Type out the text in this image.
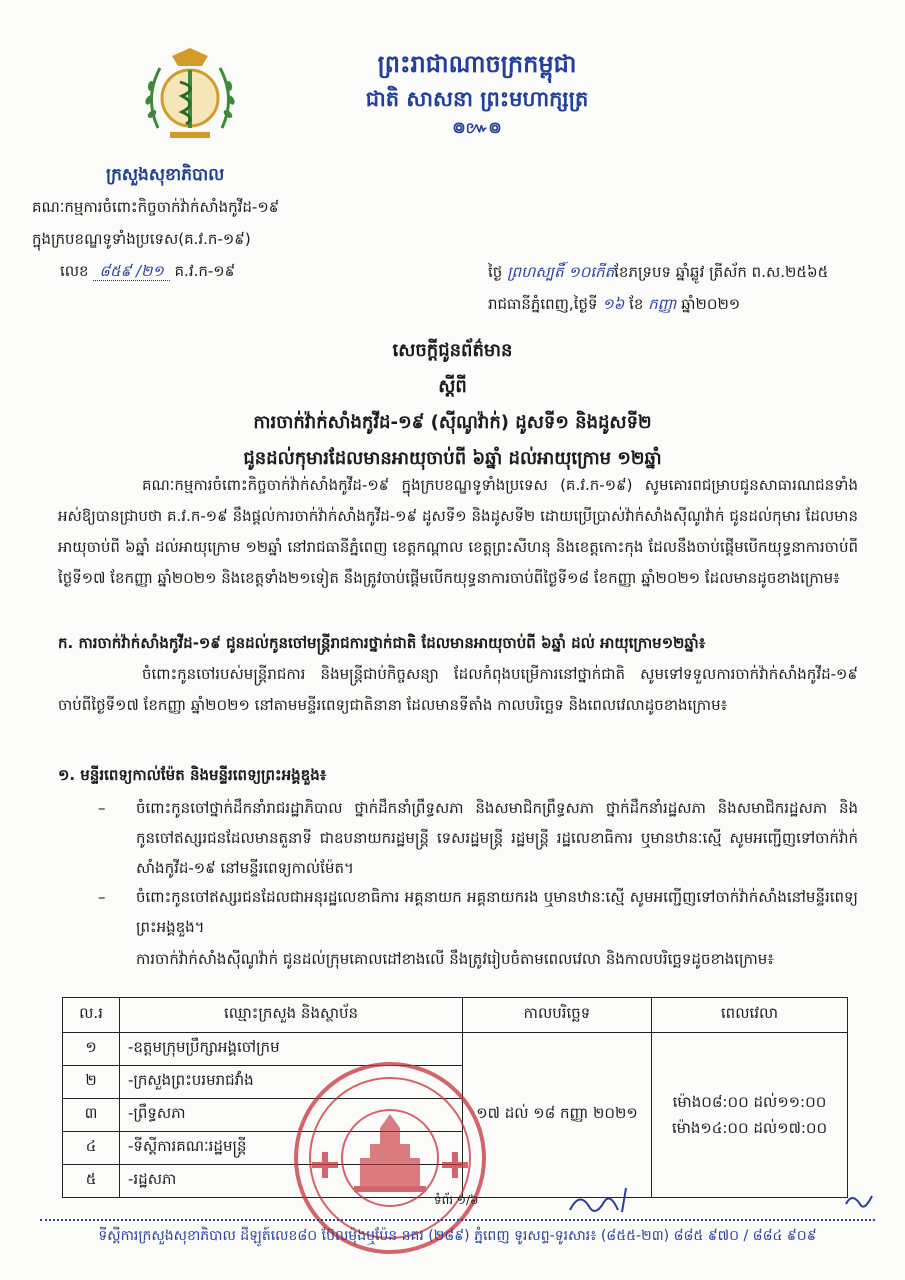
ក្រសួងសុខាភិបាល
គណៈកម្មការចំពោះកិច្ចចាក់វ៉ាក់សាំងកូវីដ-១៩
ក្នុងក្របខណ្ឌទូទាំងប្រទេស(គ.វ.ក-១៩)
លេខ ៨៥៩ /២១ គ.វ.ក-១៩
ព្រះរាជាណាចក្រកម្ពុជា
ជាតិ សាសនា ព្រះមហាក្សត្រ
៙៚៙
ថ្ងៃ ព្រហស្បតិ៍ ១០កើតខែភទ្របទ ឆ្នាំឆ្លូវ ត្រីស័ក ព.ស.២៥៦៥
រាជធានីភ្នំពេញ,ថ្ងៃទី ១៦ ខែ កញ្ញា ឆ្នាំ២០២១
សេចក្តីជូនព័ត៌មាន
ស្តីពី
ការចាក់វ៉ាក់សាំងកូវីដ-១៩ (ស៊ីណូវ៉ាក់) ដូសទី១ និងដូសទី២
ជូនដល់កុមារដែលមានអាយុចាប់ពី ៦ឆ្នាំ ដល់អាយុក្រោម ១២ឆ្នាំ
គណៈកម្មការចំពោះកិច្ចចាក់វ៉ាក់សាំងកូវីដ-១៩ ក្នុងក្របខណ្ឌទូទាំងប្រទេស (គ.វ.ក-១៩) សូមគោរពជម្រាបជូនសាធារណជនទាំងអស់ឱ្យបានជ្រាបថា គ.វ.ក-១៩ នឹងផ្តល់ការចាក់វ៉ាក់សាំងកូវីដ-១៩ ដូសទី១ និងដូសទី២ ដោយប្រើប្រាស់វ៉ាក់សាំងស៊ីណូវ៉ាក់ ជូនដល់កុមារ ដែលមានអាយុចាប់ពី ៦ឆ្នាំ ដល់អាយុក្រោម ១២ឆ្នាំ នៅរាជធានីភ្នំពេញ ខេត្តកណ្ដាល ខេត្តព្រះសីហនុ និងខេត្តកោះកុង ដែលនឹងចាប់ផ្តើមបើកយុទ្ធនាការចាប់ពីថ្ងៃទី១៧ ខែកញ្ញា ឆ្នាំ២០២១ និងខេត្តទាំង២១ទៀត នឹងត្រូវចាប់ផ្តើមបើកយុទ្ធនាការចាប់ពីថ្ងៃទី១៨ ខែកញ្ញា ឆ្នាំ២០២១ ដែលមានដូចខាងក្រោម៖
ក. ការចាក់វ៉ាក់សាំងកូវីដ-១៩ ជូនដល់កូនចៅមន្ត្រីរាជការថ្នាក់ជាតិ ដែលមានអាយុចាប់ពី ៦ឆ្នាំ ដល់ អាយុក្រោម១២ឆ្នាំ៖
ចំពោះកូនចៅរបស់មន្ត្រីរាជការ និងមន្ត្រីជាប់កិច្ចសន្យា ដែលកំពុងបម្រើការនៅថ្នាក់ជាតិ សូមទៅទទួលការចាក់វ៉ាក់សាំងកូវីដ-១៩ ចាប់ពីថ្ងៃទី១៧ ខែកញ្ញា ឆ្នាំ២០២១ នៅតាមមន្ទីរពេទ្យជាតិនានា ដែលមានទីតាំង កាលបរិច្ឆេទ និងពេលវេលាដូចខាងក្រោម៖
១. មន្ទីរពេទ្យកាល់ម៉ែត និងមន្ទីរពេទ្យព្រះអង្គឌួង៖
– ចំពោះកូនចៅថ្នាក់ដឹកនាំរាជរដ្ឋាភិបាល ថ្នាក់ដឹកនាំព្រឹទ្ធសភា និងសមាជិកព្រឹទ្ធសភា ថ្នាក់ដឹកនាំរដ្ឋសភា និងសមាជិករដ្ឋសភា និងកូនចៅឥស្សរជនដែលមានតួនាទី ជាឧបនាយករដ្ឋមន្ត្រី ទេសរដ្ឋមន្ត្រី រដ្ឋមន្ត្រី រដ្ឋលេខាធិការ ឬមានឋានៈស្មើ សូមអញ្ជើញទៅចាក់វ៉ាក់សាំងកូវីដ-១៩ នៅមន្ទីរពេទ្យកាល់ម៉ែត។
– ចំពោះកូនចៅឥស្សរជនដែលជាអនុរដ្ឋលេខាធិការ អគ្គនាយក អគ្គនាយករង ឬមានឋានៈស្មើ សូមអញ្ជើញទៅចាក់វ៉ាក់សាំងនៅមន្ទីរពេទ្យព្រះអង្គឌួង។
ការចាក់វ៉ាក់សាំងស៊ីណូវ៉ាក់ ជូនដល់ក្រុមគោលដៅខាងលើ នឹងត្រូវរៀបចំតាមពេលវេលា និងកាលបរិច្ឆេទដូចខាងក្រោម៖
ល.រ	ឈ្មោះក្រសួង និងស្ថាប័ន	កាលបរិច្ឆេទ	ពេលវេលា
១	-ឧត្តមក្រុមប្រឹក្សាអង្គចៅក្រម	១៧ ដល់ ១៨ កញ្ញា ២០២១	ម៉ោង០៨:០០ ដល់១១:០០
ម៉ោង១៤:០០ ដល់១៧:០០

២	-ក្រសួងព្រះបរមរាជវាំង		
៣	-ព្រឹទ្ធសភា		
៤	-ទីស្តីការគណៈរដ្ឋមន្ត្រី		
៥	-រដ្ឋសភា		
ទំព័រ ១/៦
ទីស្តីការក្រសួងសុខាភិបាល ដីឡូត៍លេខ៨០ ប៊ែលម៉ុងឬប៉ែន នគរ (២៨៩) ភ្នំពេញ ទូរសព្ទ-ទូរសារ៖ (៨៥៥-២៣) ៨៨៥ ៩៧០ / ៨៨៤ ៩០៩
